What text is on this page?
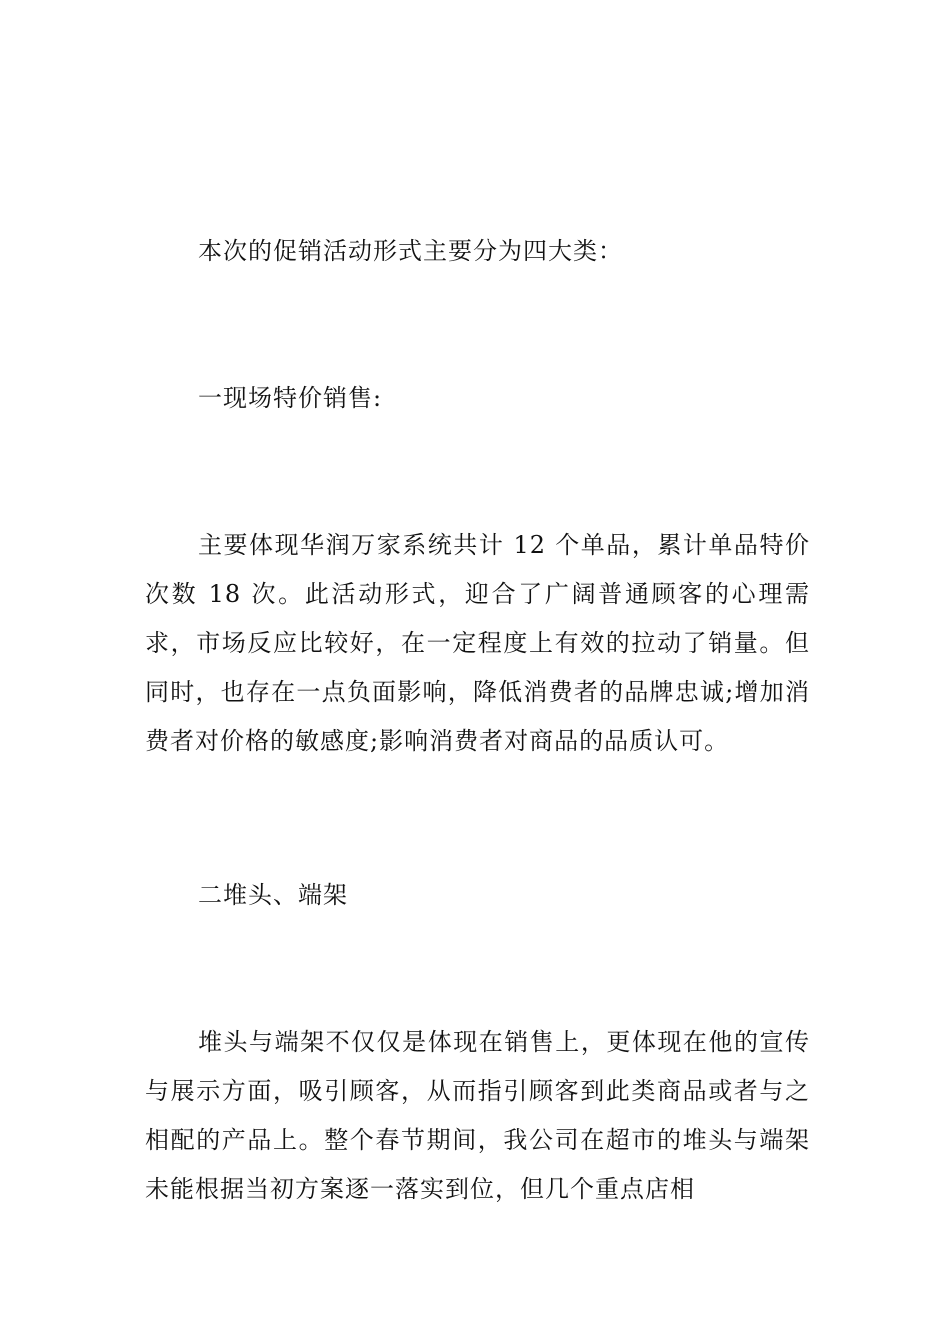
本次的促销活动形式主要分为四大类：

一现场特价销售:

主要体现华润万家系统共计 12 个单品，累计单品特价次数 18 次。此活动形式，迎合了广阔普通顾客的心理需求，市场反应比较好，在一定程度上有效的拉动了销量。但同时，也存在一点负面影响，降低消费者的品牌忠诚;增加消费者对价格的敏感度;影响消费者对商品的品质认可。

二堆头、端架

堆头与端架不仅仅是体现在销售上，更体现在他的宣传与展示方面，吸引顾客，从而指引顾客到此类商品或者与之相配的产品上。整个春节期间，我公司在超市的堆头与端架未能根据当初方案逐一落实到位，但几个重点店相
